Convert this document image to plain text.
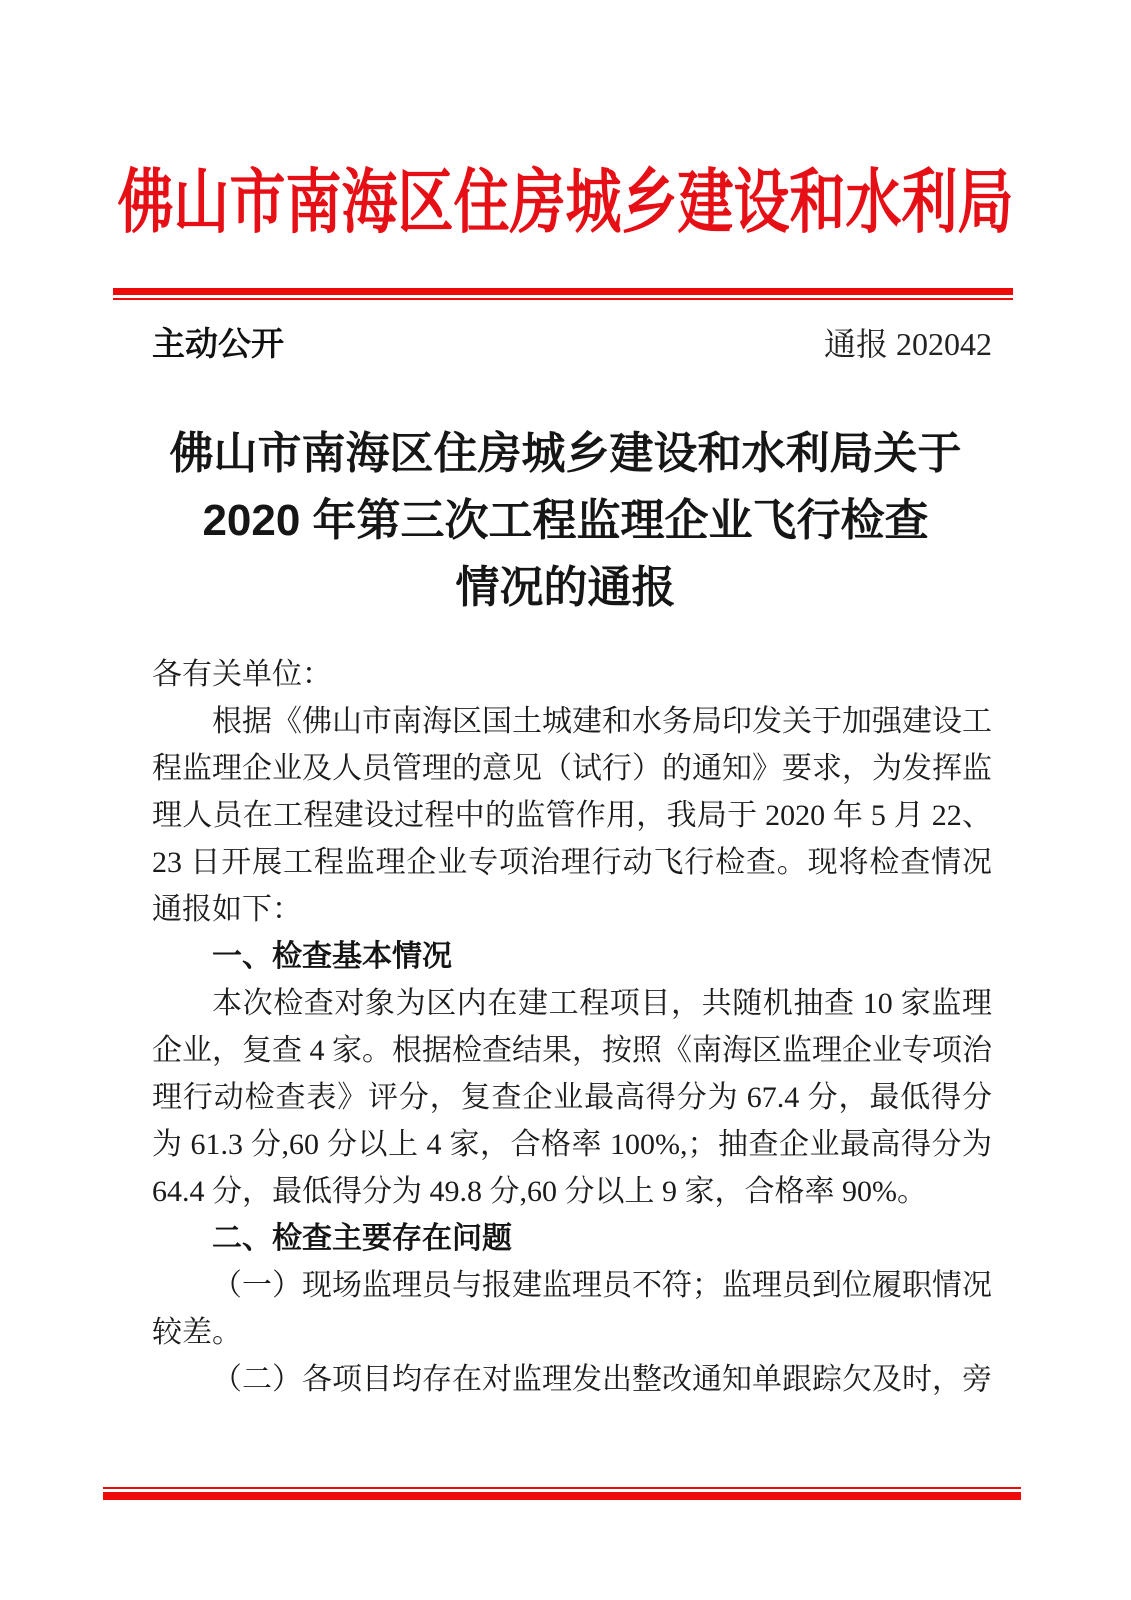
佛山市南海区住房城乡建设和水利局
主动公开	通报 202042
佛山市南海区住房城乡建设和水利局关于
2020 年第三次工程监理企业飞行检查
情况的通报

各有关单位：

根据《佛山市南海区国土城建和水务局印发关于加强建设工程监理企业及人员管理的意见（试行）的通知》要求，为发挥监理人员在工程建设过程中的监管作用，我局于 2020 年 5 月 22、23 日开展工程监理企业专项治理行动飞行检查。现将检查情况通报如下：

一、检查基本情况

本次检查对象为区内在建工程项目，共随机抽查 10 家监理企业，复查 4 家。根据检查结果，按照《南海区监理企业专项治理行动检查表》评分，复查企业最高得分为 67.4 分，最低得分为 61.3 分,60 分以上 4 家，合格率 100%,；抽查企业最高得分为 64.4 分，最低得分为 49.8 分,60 分以上 9 家，合格率 90%。

二、检查主要存在问题

（一）现场监理员与报建监理员不符；监理员到位履职情况较差。

（二）各项目均存在对监理发出整改通知单跟踪欠及时，旁
